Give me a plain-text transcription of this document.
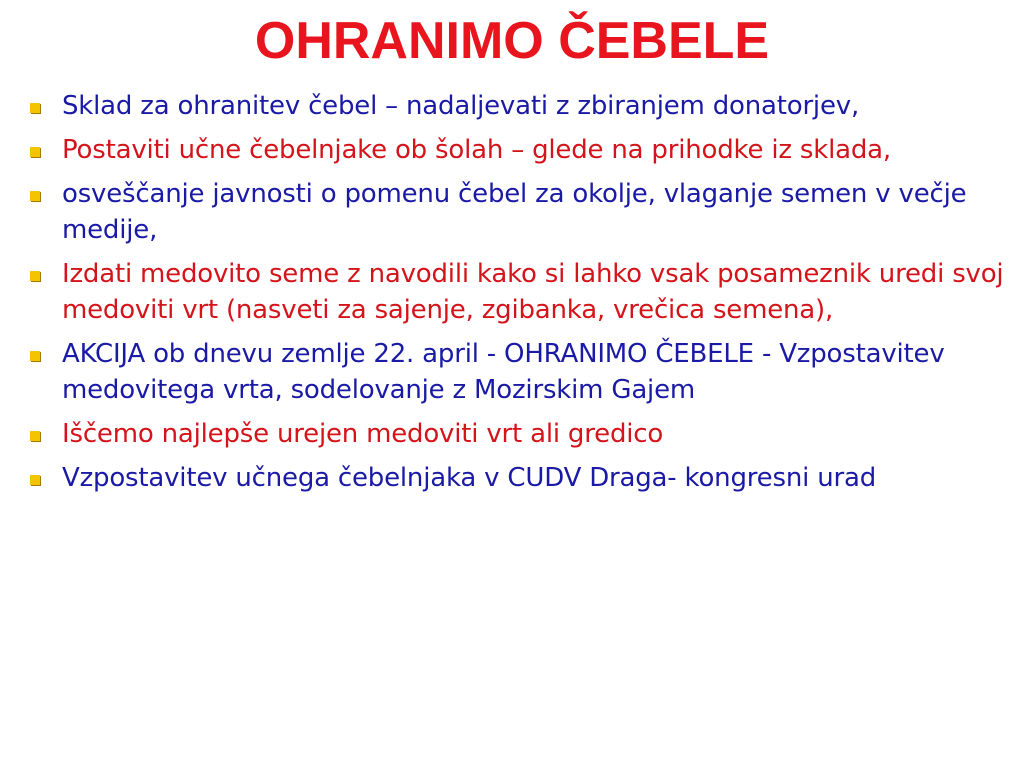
OHRANIMO ČEBELE
Sklad za ohranitev čebel – nadaljevati z zbiranjem donatorjev,
Postaviti učne čebelnjake ob šolah – glede na prihodke iz sklada,
osveščanje javnosti o pomenu čebel za okolje, vlaganje semen v večje medije,
Izdati medovito seme z navodili kako si lahko vsak posameznik uredi svoj medoviti vrt (nasveti za sajenje, zgibanka, vrečica semena),
AKCIJA ob dnevu zemlje 22. april - OHRANIMO ČEBELE - Vzpostavitev medovitega vrta, sodelovanje z Mozirskim Gajem
Iščemo najlepše urejen medoviti vrt ali gredico
Vzpostavitev učnega čebelnjaka v CUDV Draga- kongresni urad
